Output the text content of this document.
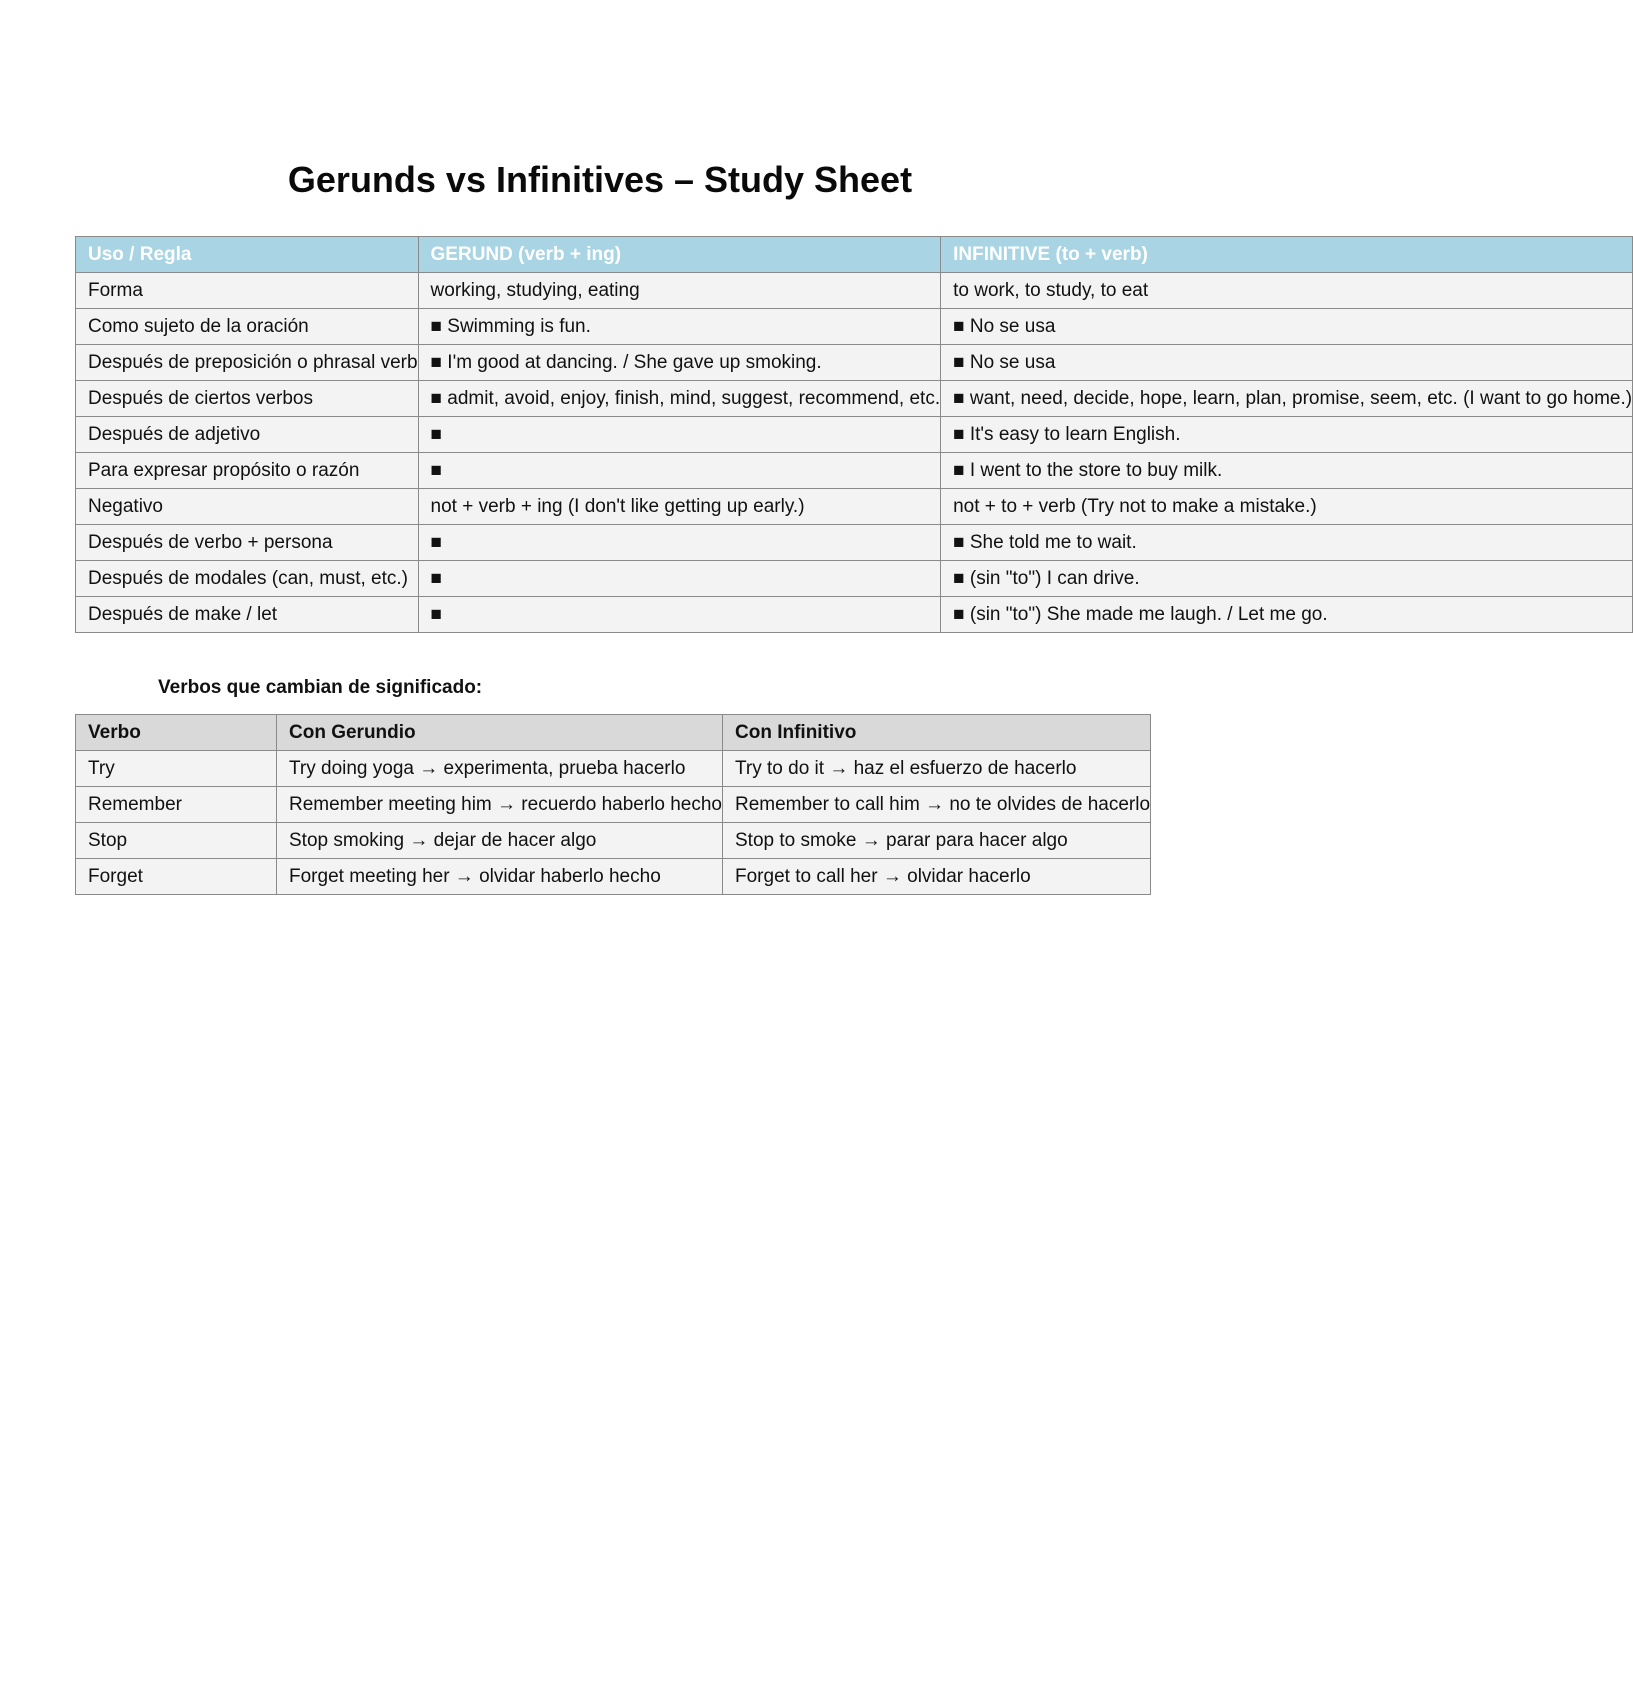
Gerunds vs Infinitives – Study Sheet
Uso / Regla	GERUND (verb + ing)	INFINITIVE (to + verb)
Forma	working, studying, eating	to work, to study, to eat
Como sujeto de la oración	■ Swimming is fun.	■ No se usa
Después de preposición o phrasal verb	■ I'm good at dancing. / She gave up smoking.	■ No se usa
Después de ciertos verbos	■ admit, avoid, enjoy, finish, mind, suggest, recommend, etc.	■ want, need, decide, hope, learn, plan, promise, seem, etc. (I want to go home.)
Después de adjetivo	■	■ It's easy to learn English.
Para expresar propósito o razón	■	■ I went to the store to buy milk.
Negativo	not + verb + ing (I don't like getting up early.)	not + to + verb (Try not to make a mistake.)
Después de verbo + persona	■	■ She told me to wait.
Después de modales (can, must, etc.)	■	■ (sin "to") I can drive.
Después de make / let	■	■ (sin "to") She made me laugh. / Let me go.
Verbos que cambian de significado:
Verbo	Con Gerundio	Con Infinitivo
Try	Try doing yoga → experimenta, prueba hacerlo	Try to do it → haz el esfuerzo de hacerlo
Remember	Remember meeting him → recuerdo haberlo hecho	Remember to call him → no te olvides de hacerlo
Stop	Stop smoking → dejar de hacer algo	Stop to smoke → parar para hacer algo
Forget	Forget meeting her → olvidar haberlo hecho	Forget to call her → olvidar hacerlo
